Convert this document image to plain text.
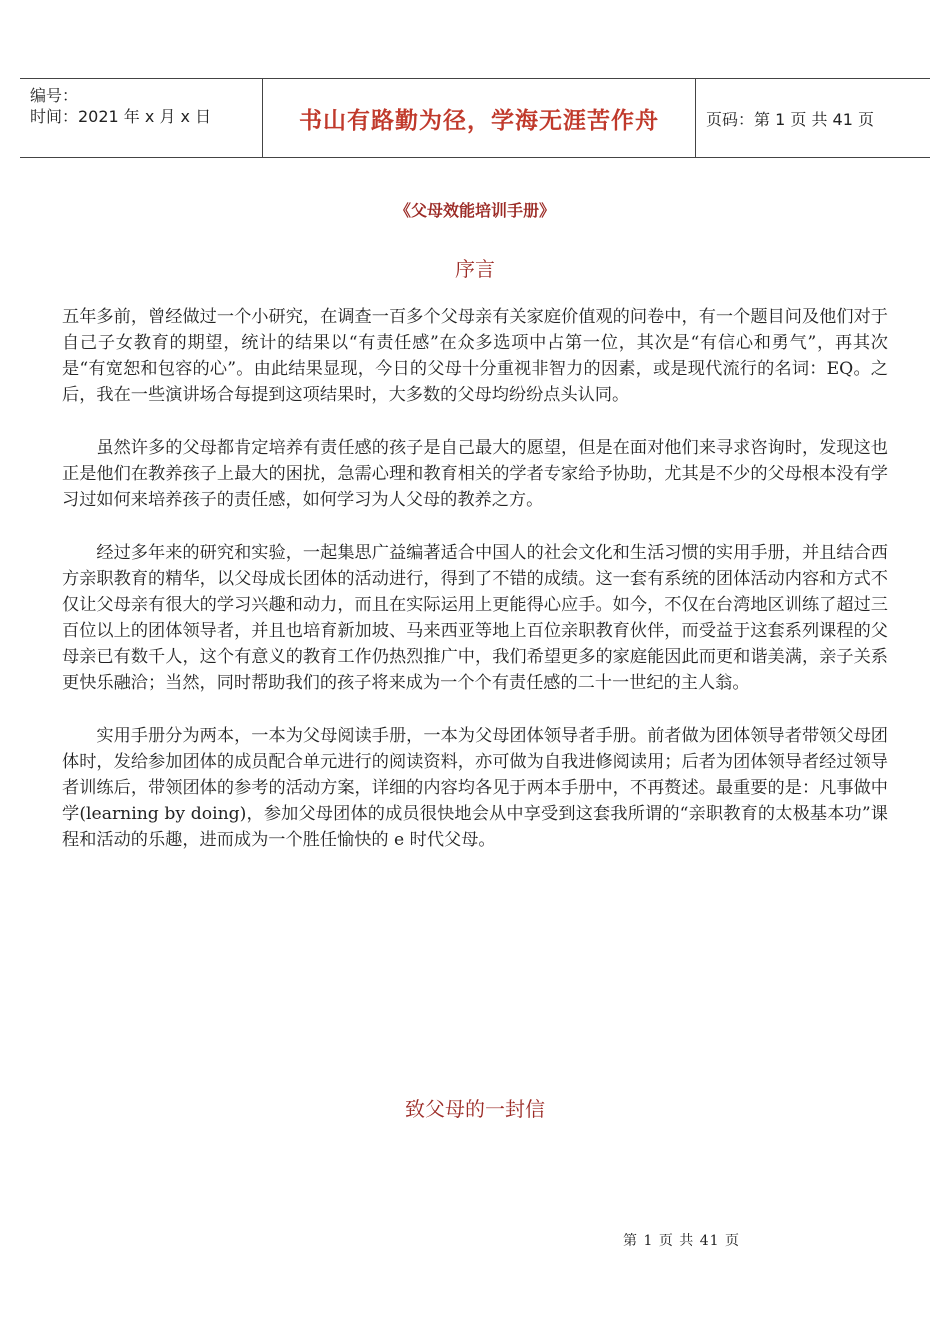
编号：
时间：2021 年 x 月 x 日	书山有路勤为径，学海无涯苦作舟	页码：第 1 页 共 41 页
《父母效能培训手册》
序言

五年多前，曾经做过一个小研究，在调查一百多个父母亲有关家庭价值观的问卷中，有一个题目问及他们对于自己子女教育的期望，统计的结果以“有责任感”在众多选项中占第一位，其次是“有信心和勇气”，再其次是“有宽恕和包容的心”。由此结果显现，今日的父母十分重视非智力的因素，或是现代流行的名词：EQ。之后，我在一些演讲场合每提到这项结果时，大多数的父母均纷纷点头认同。

虽然许多的父母都肯定培养有责任感的孩子是自己最大的愿望，但是在面对他们来寻求咨询时，发现这也正是他们在教养孩子上最大的困扰，急需心理和教育相关的学者专家给予协助，尤其是不少的父母根本没有学习过如何来培养孩子的责任感，如何学习为人父母的教养之方。

经过多年来的研究和实验，一起集思广益编著适合中国人的社会文化和生活习惯的实用手册，并且结合西方亲职教育的精华，以父母成长团体的活动进行，得到了不错的成绩。这一套有系统的团体活动内容和方式不仅让父母亲有很大的学习兴趣和动力，而且在实际运用上更能得心应手。如今，不仅在台湾地区训练了超过三百位以上的团体领导者，并且也培育新加坡、马来西亚等地上百位亲职教育伙伴，而受益于这套系列课程的父母亲已有数千人，这个有意义的教育工作仍热烈推广中，我们希望更多的家庭能因此而更和谐美满，亲子关系更快乐融洽；当然，同时帮助我们的孩子将来成为一个个有责任感的二十一世纪的主人翁。

实用手册分为两本，一本为父母阅读手册，一本为父母团体领导者手册。前者做为团体领导者带领父母团体时，发给参加团体的成员配合单元进行的阅读资料，亦可做为自我进修阅读用；后者为团体领导者经过领导者训练后，带领团体的参考的活动方案，详细的内容均各见于两本手册中，不再赘述。最重要的是：凡事做中学(learning by doing)，参加父母团体的成员很快地会从中享受到这套我所谓的“亲职教育的太极基本功”课程和活动的乐趣，进而成为一个胜任愉快的 e 时代父母。

致父母的一封信
第 1 页 共 41 页
